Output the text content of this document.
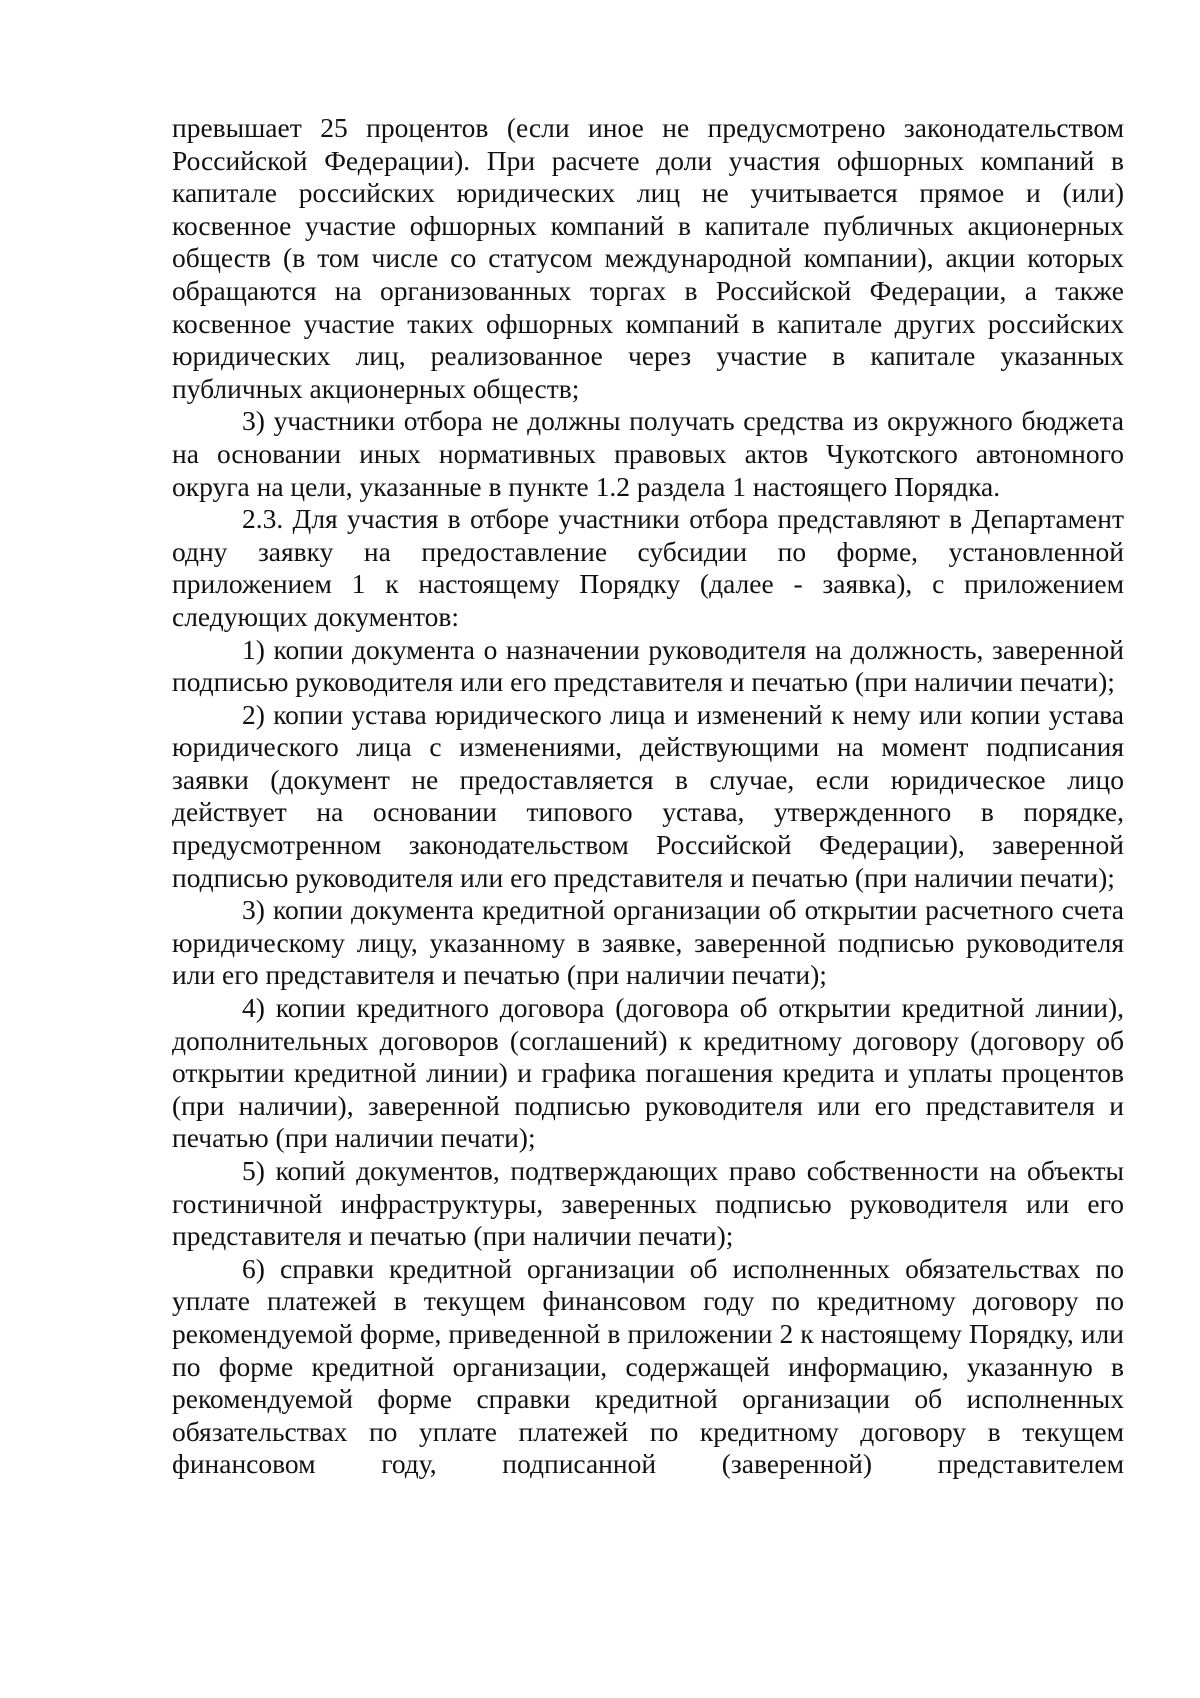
превышает 25 процентов (если иное не предусмотрено законодательством Российской Федерации). При расчете доли участия офшорных компаний в капитале российских юридических лиц не учитывается прямое и (или) косвенное участие офшорных компаний в капитале публичных акционерных обществ (в том числе со статусом международной компании), акции которых обращаются на организованных торгах в Российской Федерации, а также косвенное участие таких офшорных компаний в капитале других российских юридических лиц, реализованное через участие в капитале указанных публичных акционерных обществ;

3) участники отбора не должны получать средства из окружного бюджета на основании иных нормативных правовых актов Чукотского автономного округа на цели, указанные в пункте 1.2 раздела 1 настоящего Порядка.

2.3. Для участия в отборе участники отбора представляют в Департамент одну заявку на предоставление субсидии по форме, установленной приложением 1 к настоящему Порядку (далее - заявка), с приложением следующих документов:

1) копии документа о назначении руководителя на должность, заверенной подписью руководителя или его представителя и печатью (при наличии печати);

2) копии устава юридического лица и изменений к нему или копии устава юридического лица с изменениями, действующими на момент подписания заявки (документ не предоставляется в случае, если юридическое лицо действует на основании типового устава, утвержденного в порядке, предусмотренном законодательством Российской Федерации), заверенной подписью руководителя или его представителя и печатью (при наличии печати);

3) копии документа кредитной организации об открытии расчетного счета юридическому лицу, указанному в заявке, заверенной подписью руководителя или его представителя и печатью (при наличии печати);

4) копии кредитного договора (договора об открытии кредитной линии), дополнительных договоров (соглашений) к кредитному договору (договору об открытии кредитной линии) и графика погашения кредита и уплаты процентов (при наличии), заверенной подписью руководителя или его представителя и печатью (при наличии печати);

5) копий документов, подтверждающих право собственности на объекты гостиничной инфраструктуры, заверенных подписью руководителя или его представителя и печатью (при наличии печати);

6) справки кредитной организации об исполненных обязательствах по уплате платежей в текущем финансовом году по кредитному договору по рекомендуемой форме, приведенной в приложении 2 к настоящему Порядку, или по форме кредитной организации, содержащей информацию, указанную в рекомендуемой форме справки кредитной организации об исполненных обязательствах по уплате платежей по кредитному договору в текущем финансовом году, подписанной (заверенной) представителем
